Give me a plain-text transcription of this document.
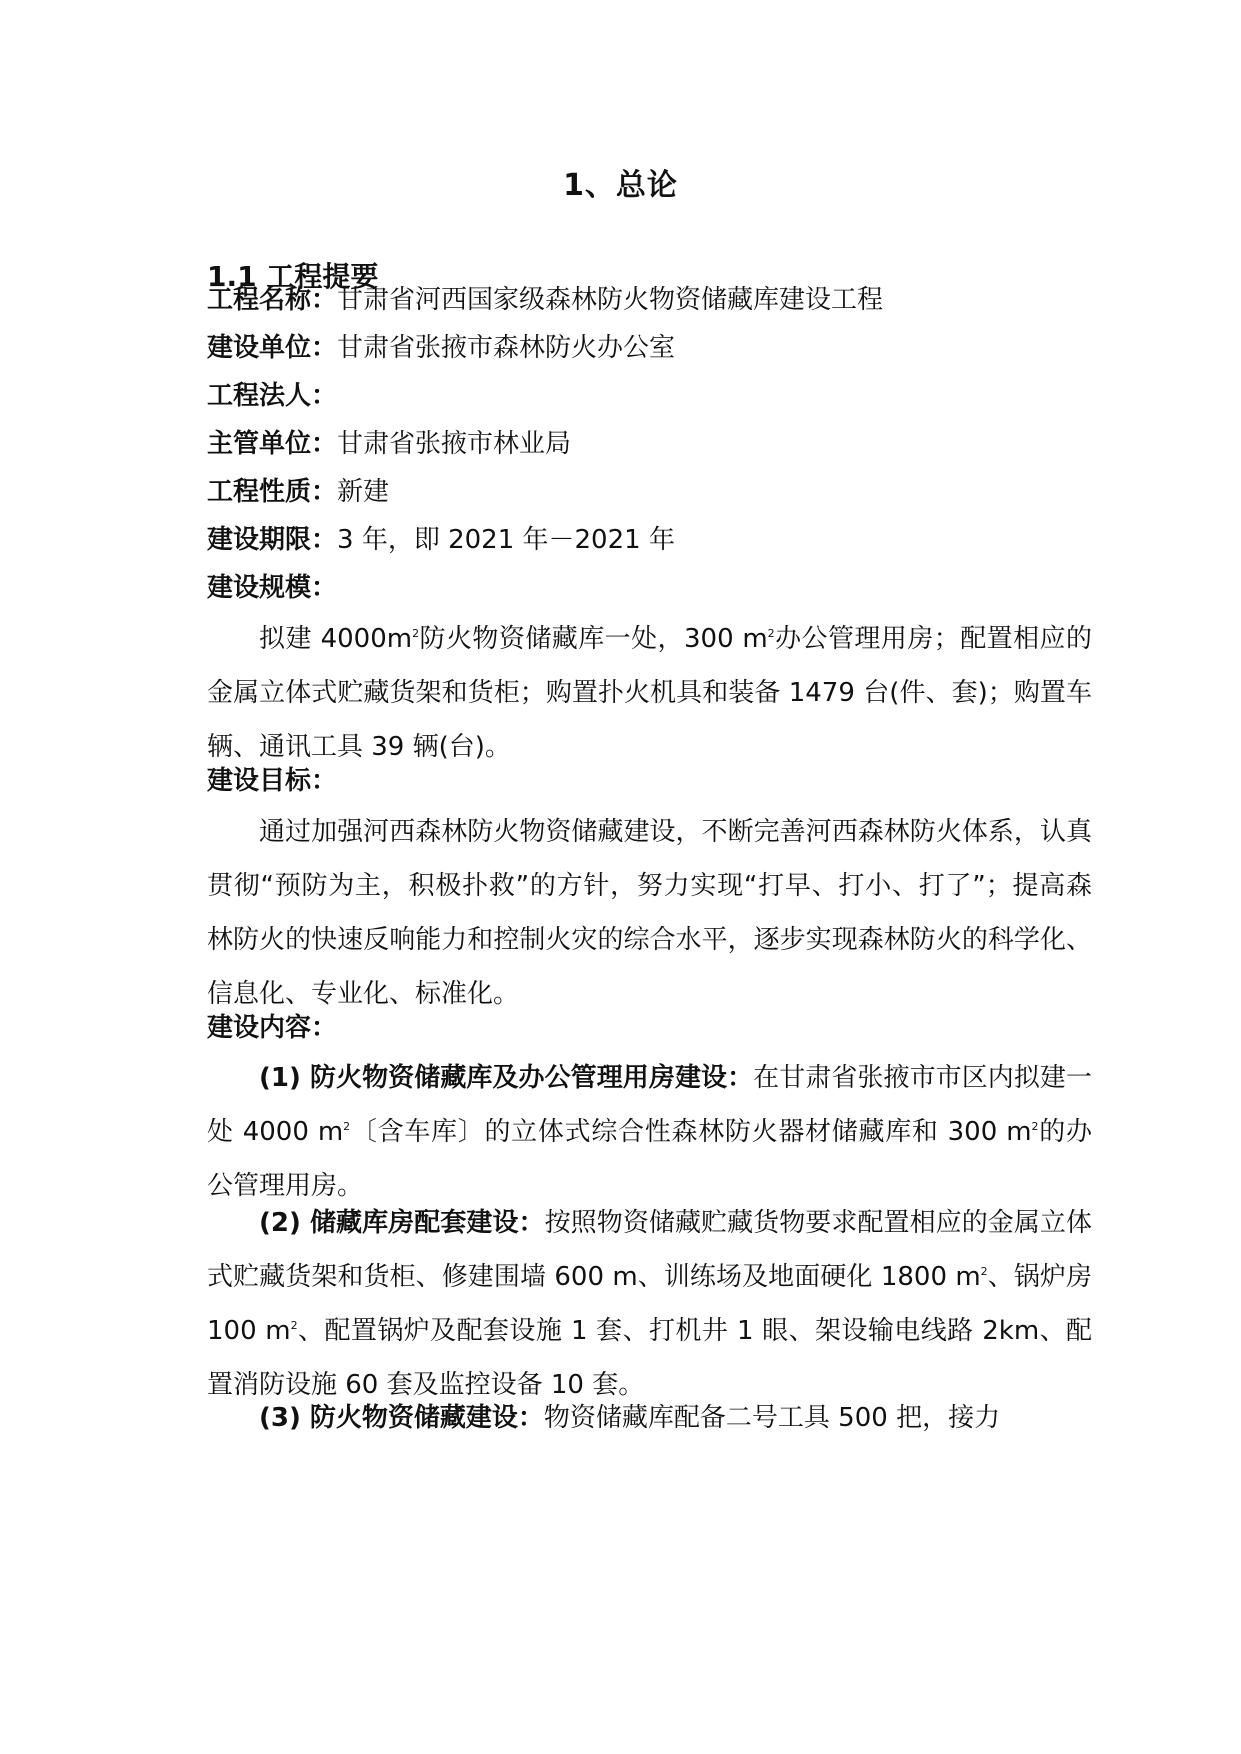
1、总论
1.1 工程提要
工程名称：甘肃省河西国家级森林防火物资储藏库建设工程
建设单位：甘肃省张掖市森林防火办公室
工程法人：
主管单位：甘肃省张掖市林业局
工程性质：新建
建设期限：3 年，即 2021 年－2021 年
建设规模：
拟建 $4000m^2$防火物资储藏库一处，300 $m^2$办公管理用房；配置相应的金属立体式贮藏货架和货柜；购置扑火机具和装备 1479 台(件、套)；购置车辆、通讯工具 39 辆(台)。
建设目标：
通过加强河西森林防火物资储藏建设，不断完善河西森林防火体系，认真贯彻“预防为主，积极扑救”的方针，努力实现“打早、打小、打了”；提高森林防火的快速反响能力和控制火灾的综合水平，逐步实现森林防火的科学化、信息化、专业化、标准化。
建设内容：
(1) 防火物资储藏库及办公管理用房建设：在甘肃省张掖市市区内拟建一处 4000 $m^2$〔含车库〕的立体式综合性森林防火器材储藏库和 300 $m^2$的办公管理用房。
(2) 储藏库房配套建设：按照物资储藏贮藏货物要求配置相应的金属立体式贮藏货架和货柜、修建围墙 600 m、训练场及地面硬化 1800 $m^2$、锅炉房 100 $m^2$、配置锅炉及配套设施 1 套、打机井 1 眼、架设输电线路 2km、配置消防设施 60 套及监控设备 10 套。
(3) 防火物资储藏建设：物资储藏库配备二号工具 500 把，接力
